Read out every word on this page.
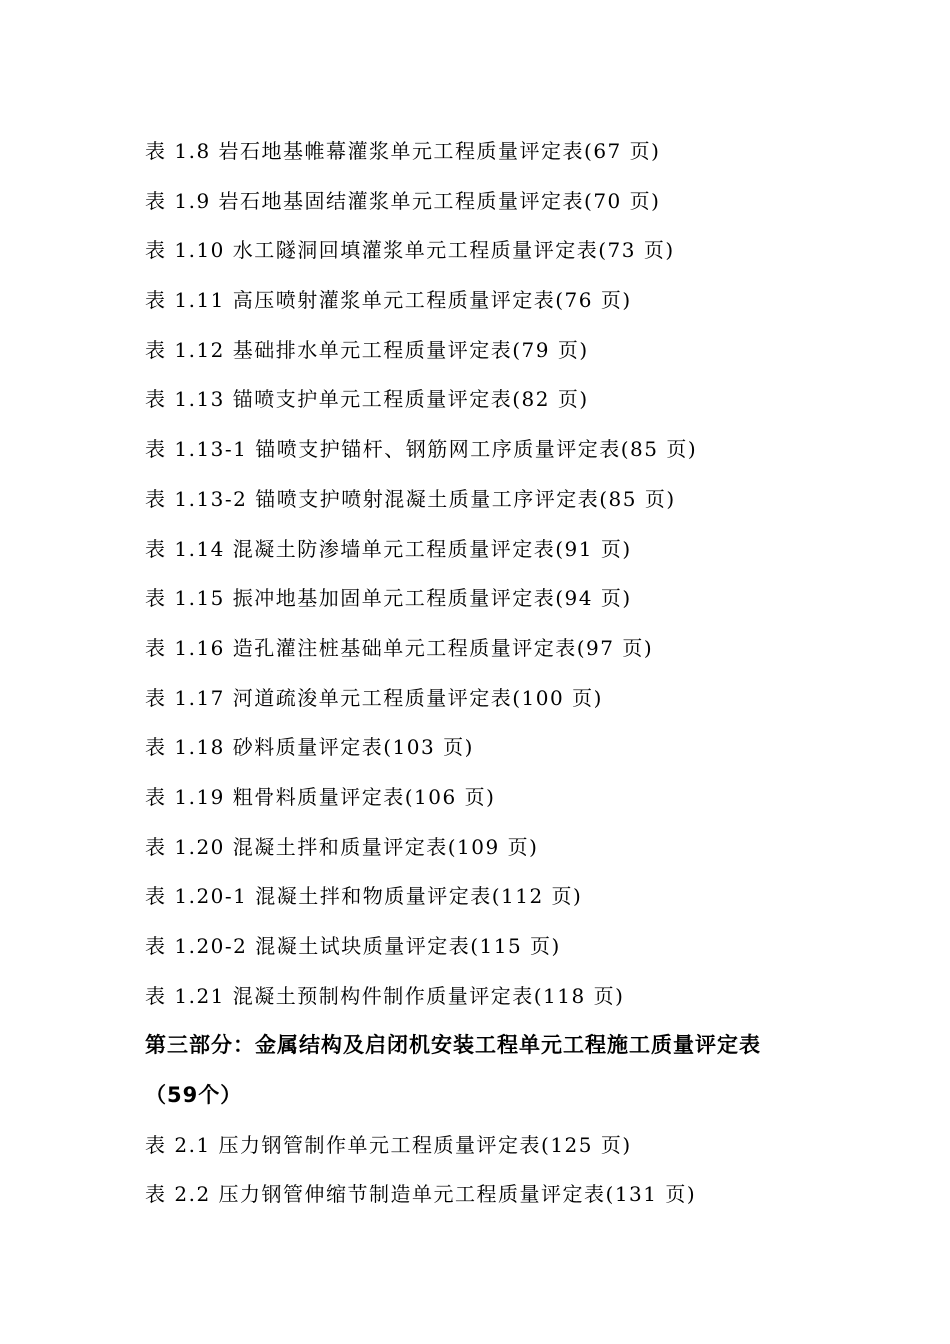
表 1.8 岩石地基帷幕灌浆单元工程质量评定表(67 页)
表 1.9 岩石地基固结灌浆单元工程质量评定表(70 页)
表 1.10 水工隧洞回填灌浆单元工程质量评定表(73 页)
表 1.11 高压喷射灌浆单元工程质量评定表(76 页)
表 1.12 基础排水单元工程质量评定表(79 页)
表 1.13 锚喷支护单元工程质量评定表(82 页)
表 1.13-1 锚喷支护锚杆、钢筋网工序质量评定表(85 页)
表 1.13-2 锚喷支护喷射混凝土质量工序评定表(85 页)
表 1.14 混凝土防渗墙单元工程质量评定表(91 页)
表 1.15 振冲地基加固单元工程质量评定表(94 页)
表 1.16 造孔灌注桩基础单元工程质量评定表(97 页)
表 1.17 河道疏浚单元工程质量评定表(100 页)
表 1.18 砂料质量评定表(103 页)
表 1.19 粗骨料质量评定表(106 页)
表 1.20 混凝土拌和质量评定表(109 页)
表 1.20-1 混凝土拌和物质量评定表(112 页)
表 1.20-2 混凝土试块质量评定表(115 页)
表 1.21 混凝土预制构件制作质量评定表(118 页)
第三部分：金属结构及启闭机安装工程单元工程施工质量评定表
（59个）
表 2.1 压力钢管制作单元工程质量评定表(125 页)
表 2.2 压力钢管伸缩节制造单元工程质量评定表(131 页)
